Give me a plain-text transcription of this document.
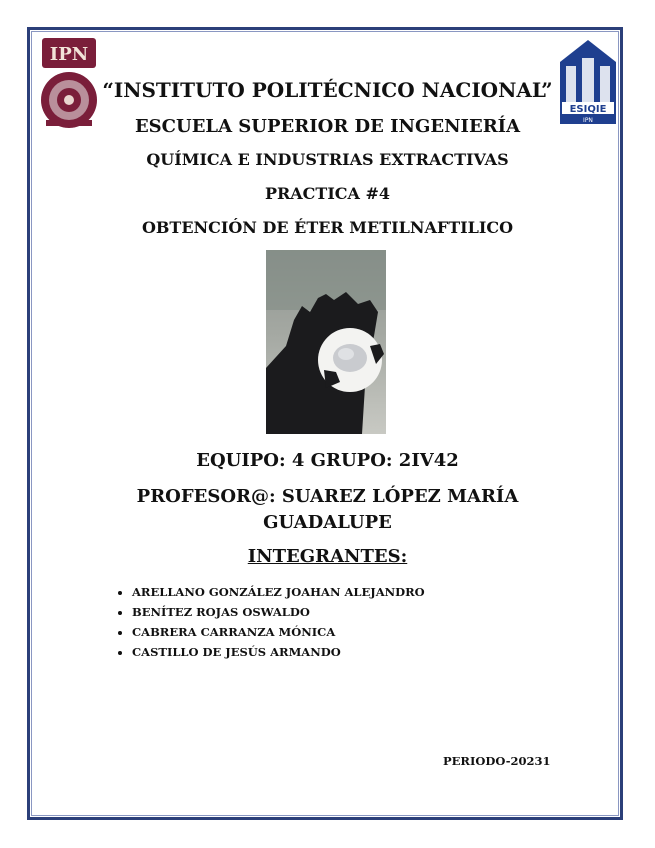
IPN
ESIQIE
IPN
“INSTITUTO POLITÉCNICO NACIONAL”
ESCUELA SUPERIOR DE INGENIERÍA
QUÍMICA E INDUSTRIAS EXTRACTIVAS
PRACTICA #4
OBTENCIÓN DE ÉTER METILNAFTILICO
EQUIPO: 4 GRUPO: 2IV42
PROFESOR@: SUAREZ LÓPEZ MARÍA
GUADALUPE
INTEGRANTES:
• ARELLANO GONZÁLEZ JOAHAN ALEJANDRO
• BENÍTEZ ROJAS OSWALDO
• CABRERA CARRANZA MÓNICA
• CASTILLO DE JESÚS ARMANDO
PERIODO-20231
